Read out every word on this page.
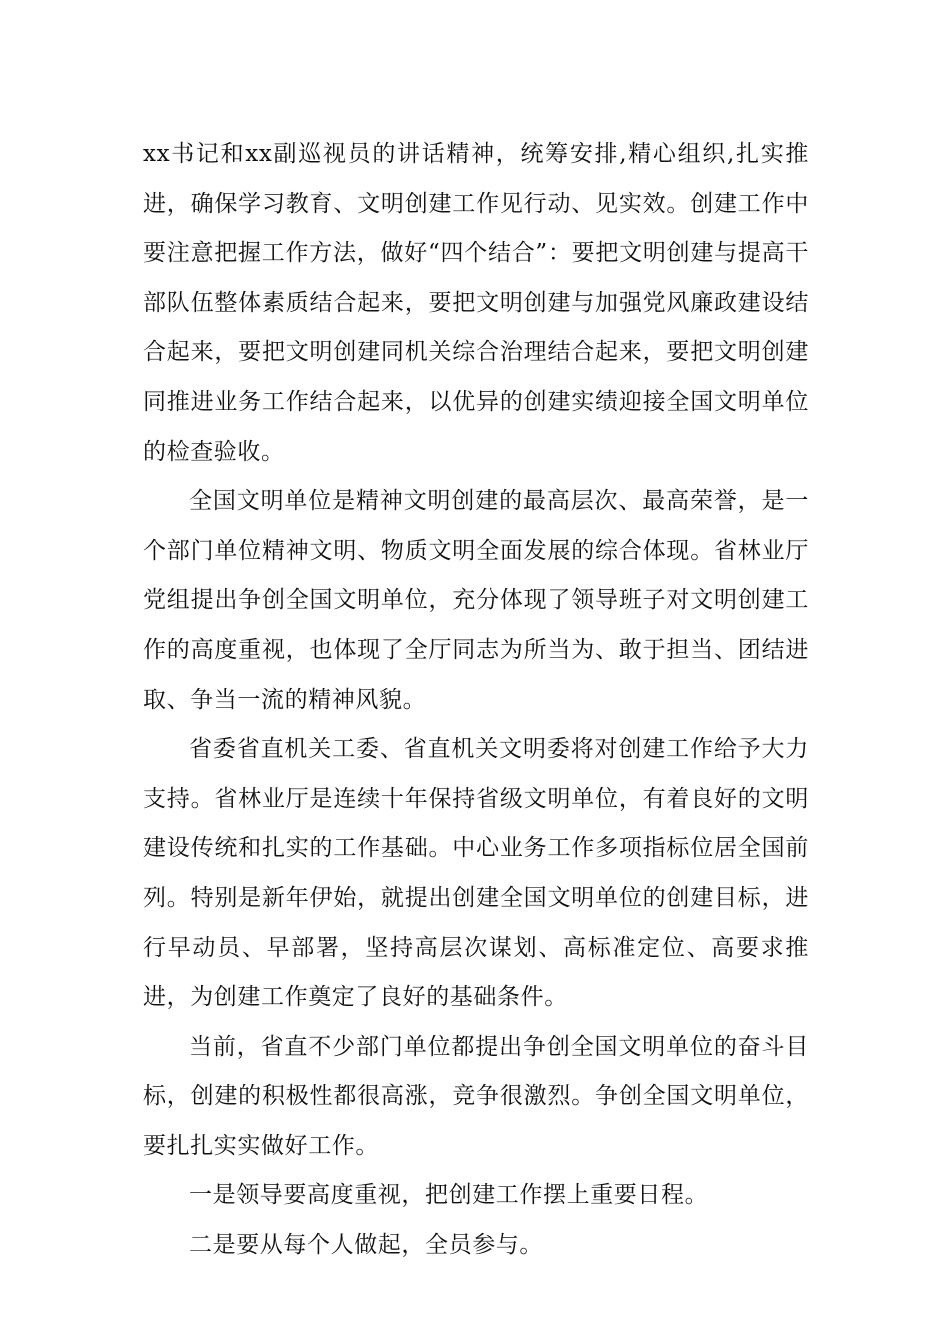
xx书记和xx副巡视员的讲话精神，统筹安排,精心组织,扎实推进，确保学习教育、文明创建工作见行动、见实效。创建工作中要注意把握工作方法，做好“四个结合”：要把文明创建与提高干部队伍整体素质结合起来，要把文明创建与加强党风廉政建设结合起来，要把文明创建同机关综合治理结合起来，要把文明创建同推进业务工作结合起来，以优异的创建实绩迎接全国文明单位的检查验收。

全国文明单位是精神文明创建的最高层次、最高荣誉，是一个部门单位精神文明、物质文明全面发展的综合体现。省林业厅党组提出争创全国文明单位，充分体现了领导班子对文明创建工作的高度重视，也体现了全厅同志为所当为、敢于担当、团结进取、争当一流的精神风貌。

省委省直机关工委、省直机关文明委将对创建工作给予大力支持。省林业厅是连续十年保持省级文明单位，有着良好的文明建设传统和扎实的工作基础。中心业务工作多项指标位居全国前列。特别是新年伊始，就提出创建全国文明单位的创建目标，进行早动员、早部署，坚持高层次谋划、高标准定位、高要求推进，为创建工作奠定了良好的基础条件。

当前，省直不少部门单位都提出争创全国文明单位的奋斗目标，创建的积极性都很高涨，竞争很激烈。争创全国文明单位，要扎扎实实做好工作。

一是领导要高度重视，把创建工作摆上重要日程。

二是要从每个人做起，全员参与。
